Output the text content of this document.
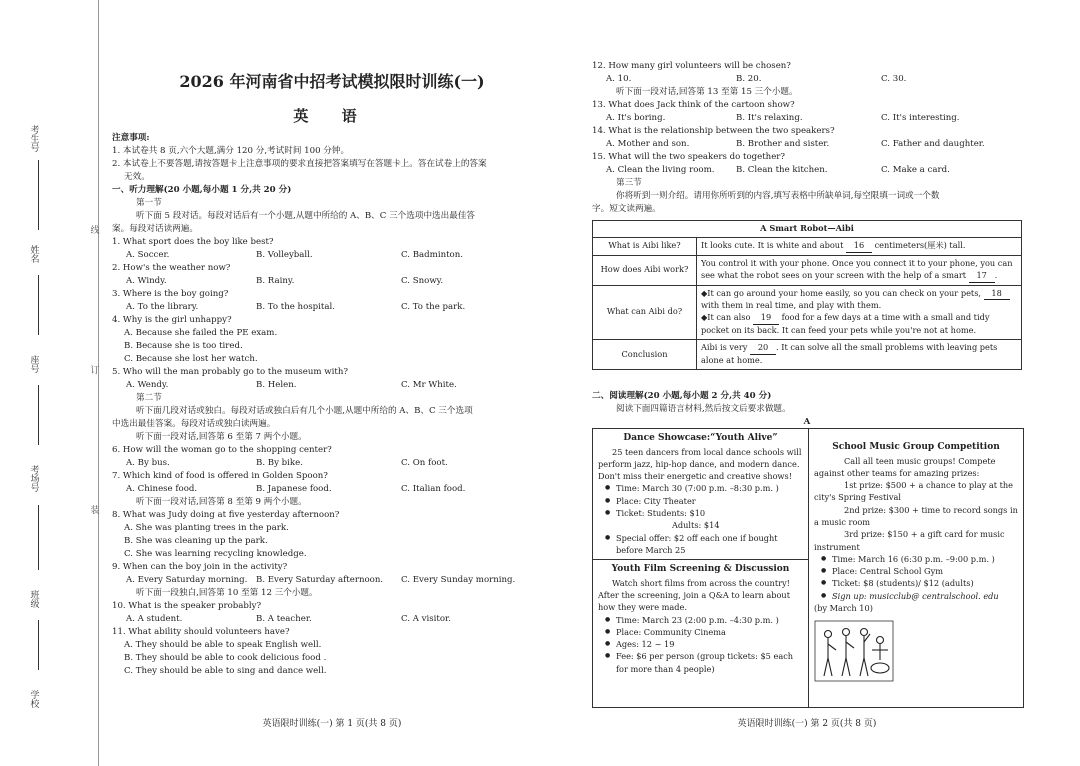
考生号
姓名
座号
考场号
班级
学校
线
订
装
2026 年河南省中招考试模拟限时训练(一)
英 语
注意事项:
1. 本试卷共 8 页,六个大题,满分 120 分,考试时间 100 分钟。
2. 本试卷上不要答题,请按答题卡上注意事项的要求直接把答案填写在答题卡上。答在试卷上的答案
无效。
一、听力理解(20 小题,每小题 1 分,共 20 分)
第一节
听下面 5 段对话。每段对话后有一个小题,从题中所给的 A、B、C 三个选项中选出最佳答
案。每段对话读两遍。
1. What sport does the boy like best?
A. Soccer.	B. Volleyball.	C. Badminton.
2. How's the weather now?
A. Windy.	B. Rainy.	C. Snowy.
3. Where is the boy going?
A. To the library.	B. To the hospital.	C. To the park.
4. Why is the girl unhappy?
A. Because she failed the PE exam.
B. Because she is too tired.
C. Because she lost her watch.
5. Who will the man probably go to the museum with?
A. Wendy.	B. Helen.	C. Mr White.
第二节
听下面几段对话或独白。每段对话或独白后有几个小题,从题中所给的 A、B、C 三个选项
中选出最佳答案。每段对话或独白读两遍。
听下面一段对话,回答第 6 至第 7 两个小题。
6. How will the woman go to the shopping center?
A. By bus.	B. By bike.	C. On foot.
7. Which kind of food is offered in Golden Spoon?
A. Chinese food.	B. Japanese food.	C. Italian food.
听下面一段对话,回答第 8 至第 9 两个小题。
8. What was Judy doing at five yesterday afternoon?
A. She was planting trees in the park.
B. She was cleaning up the park.
C. She was learning recycling knowledge.
9. When can the boy join in the activity?
A. Every Saturday morning.	B. Every Saturday afternoon.	C. Every Sunday morning.
听下面一段独白,回答第 10 至第 12 三个小题。
10. What is the speaker probably?
A. A student.	B. A teacher.	C. A visitor.
11. What ability should volunteers have?
A. They should be able to speak English well.
B. They should be able to cook delicious food .
C. They should be able to sing and dance well.
英语限时训练(一) 第 1 页(共 8 页)
12. How many girl volunteers will be chosen?
A. 10.	B. 20.	C. 30.
听下面一段对话,回答第 13 至第 15 三个小题。
13. What does Jack think of the cartoon show?
A. It's boring.	B. It's relaxing.	C. It's interesting.
14. What is the relationship between the two speakers?
A. Mother and son.	B. Brother and sister.	C. Father and daughter.
15. What will the two speakers do together?
A. Clean the living room.	B. Clean the kitchen.	C. Make a card.
第三节
你将听到一则介绍。请用你所听到的内容,填写表格中所缺单词,每空限填一词或一个数
字。短文读两遍。
A Smart Robot—Aibi	
What is Aibi like?	It looks cute. It is white and about 16 centimeters(厘米) tall.
How does Aibi work?	You control it with your phone. Once you connect it to your phone, you can see what the robot sees on your screen with the help of a smart 17 .
What can Aibi do?	◆It can go around your home easily, so you can check on your pets, 18 with them in real time, and play with them.
◆It can also 19 food for a few days at a time with a small and tidy pocket on its back. It can feed your pets while you're not at home.
Conclusion	Aibi is very 20 . It can solve all the small problems with leaving pets alone at home.
二、阅读理解(20 小题,每小题 2 分,共 40 分)
阅读下面四篇语言材料,然后按文后要求做题。
A
Dance Showcase:“Youth Alive”
25 teen dancers from local dance schools will perform jazz, hip-hop dance, and modern dance. Don't miss their energetic and creative shows!
● Time: March 30 (7:00 p.m. –8:30 p.m. )
● Place: City Theater
● Ticket: Students: $10
Adults: $14
● Special offer: $2 off each one if bought before March 25
Youth Film Screening & Discussion
Watch short films from across the country! After the screening, join a Q&A to learn about how they were made.
● Time: March 23 (2:00 p.m. –4:30 p.m. )
● Place: Community Cinema
● Ages: 12 ~ 19
● Fee: $6 per person (group tickets: $5 each for more than 4 people)
School Music Group Competition
Call all teen music groups! Compete against other teams for amazing prizes:
1st prize: $500 + a chance to play at the city's Spring Festival
2nd prize: $300 + time to record songs in a music room
3rd prize: $150 + a gift card for music instrument
● Time: March 16 (6:30 p.m. –9:00 p.m. )
● Place: Central School Gym
● Ticket: $8 (students)/ $12 (adults)
● Sign up: musicclub@ centralschool. edu
(by March 10)
英语限时训练(一) 第 2 页(共 8 页)
